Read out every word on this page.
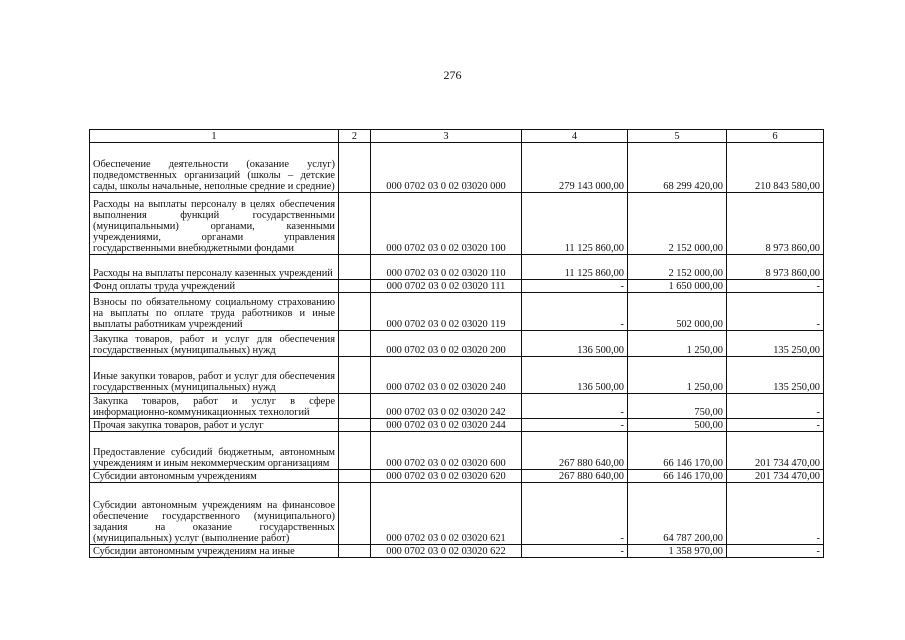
276
1	2	3	4	5	6
Обеспечение деятельности (оказание услуг) подведомственных организаций (школы – детские сады, школы начальные, неполные средние и средние)		000 0702 03 0 02 03020 000	279 143 000,00	68 299 420,00	210 843 580,00
Расходы на выплаты персоналу в целях обеспечения выполнения функций государственными (муниципальными) органами, казенными учреждениями, органами управления государственными внебюджетными фондами		000 0702 03 0 02 03020 100	11 125 860,00	2 152 000,00	8 973 860,00
Расходы на выплаты персоналу казенных учреждений		000 0702 03 0 02 03020 110	11 125 860,00	2 152 000,00	8 973 860,00
Фонд оплаты труда учреждений		000 0702 03 0 02 03020 111	-	1 650 000,00	-
Взносы по обязательному социальному страхованию на выплаты по оплате труда работников и иные выплаты работникам учреждений		000 0702 03 0 02 03020 119	-	502 000,00	-
Закупка товаров, работ и услуг для обеспечения государственных (муниципальных) нужд		000 0702 03 0 02 03020 200	136 500,00	1 250,00	135 250,00
Иные закупки товаров, работ и услуг для обеспечения государственных (муниципальных) нужд		000 0702 03 0 02 03020 240	136 500,00	1 250,00	135 250,00
Закупка товаров, работ и услуг в сфере информационно-коммуникационных технологий		000 0702 03 0 02 03020 242	-	750,00	-
Прочая закупка товаров, работ и услуг		000 0702 03 0 02 03020 244	-	500,00	-
Предоставление субсидий бюджетным, автономным учреждениям и иным некоммерческим организациям		000 0702 03 0 02 03020 600	267 880 640,00	66 146 170,00	201 734 470,00
Субсидии автономным учреждениям		000 0702 03 0 02 03020 620	267 880 640,00	66 146 170,00	201 734 470,00
Субсидии автономным учреждениям на финансовое обеспечение государственного (муниципального) задания на оказание государственных (муниципальных) услуг (выполнение работ)		000 0702 03 0 02 03020 621	-	64 787 200,00	-
Субсидии автономным учреждениям на иные		000 0702 03 0 02 03020 622	-	1 358 970,00	-
